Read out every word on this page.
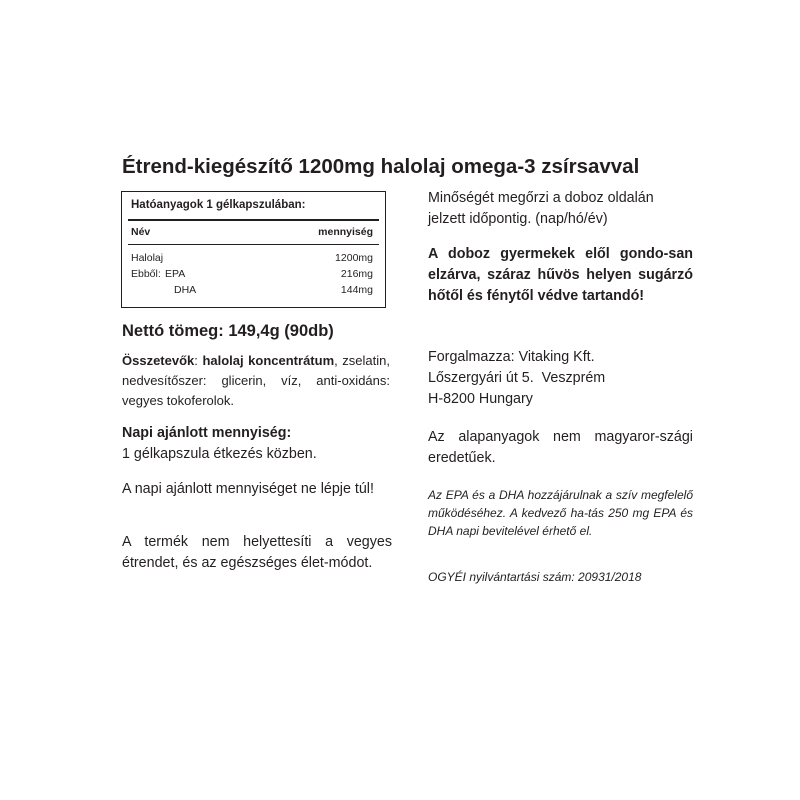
Étrend-kiegészítő 1200mg halolaj omega-3 zsírsavval
Hatóanyagok 1 gélkapszulában:
Név	mennyiség
Halolaj	1200mg
Ebből: EPA	216mg
DHA	144mg
Nettó tömeg: 149,4g (90db)
Összetevők: halolaj koncentrátum, zselatin, nedvesítőszer: glicerin, víz, anti-oxidáns: vegyes tokoferolok.
Napi ajánlott mennyiség:
1 gélkapszula étkezés közben.
A napi ajánlott mennyiséget ne lépje túl!
A termék nem helyettesíti a vegyes étrendet, és az egészséges élet-módot.
Minőségét megőrzi a doboz oldalán jelzett időpontig. (nap/hó/év)
A doboz gyermekek elől gondo-san elzárva, száraz hűvös helyen sugárzó hőtől és fénytől védve tartandó!
Forgalmazza: Vitaking Kft.
Lőszergyári út 5.  Veszprém
H-8200 Hungary
Az alapanyagok nem magyaror-szági eredetűek.
Az EPA és a DHA hozzájárulnak a szív megfelelő működéséhez. A kedvező ha-tás 250 mg EPA és DHA napi bevitelével érhető el.
OGYÉI nyilvántartási szám: 20931/2018
